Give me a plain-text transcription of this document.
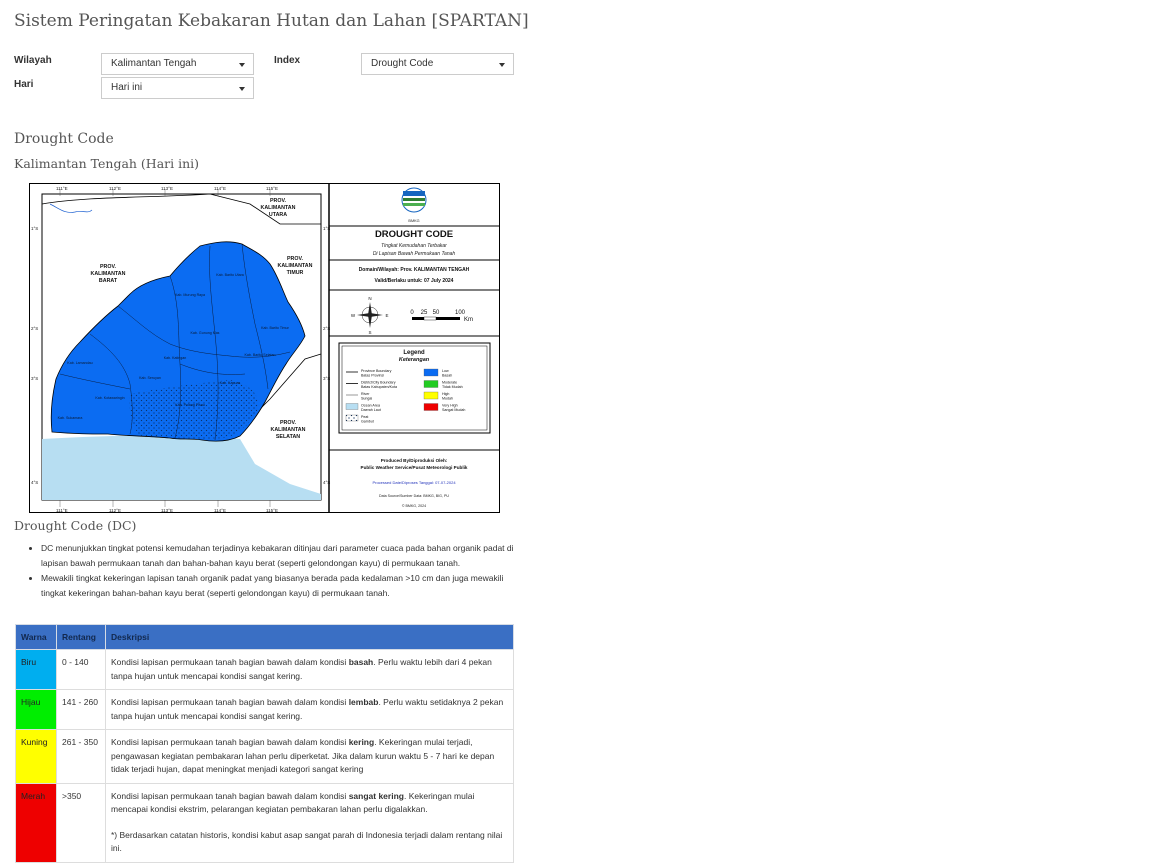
Sistem Peringatan Kebakaran Hutan dan Lahan [SPARTAN]
Wilayah	Kalimantan Tengah
Hari	Hari ini
Index	Drought Code
Drought Code
Kalimantan Tengah (Hari ini)
111°E	112°E	113°E	114°E	115°E
111°E	112°E	113°E	114°E	115°E
1°S
2°S
3°S
4°S
1°S
2°S
3°S
4°S
PROV.
KALIMANTAN
UTARA
PROV.
KALIMANTAN
BARAT
PROV.
KALIMANTAN
TIMUR
PROV.
KALIMANTAN
SELATAN
Kab. Barito Utara
Kab. Murung Raya
Kab. Gunung Mas
Kab. Katingan
Kab. Lamandau
Kab. Seruyan
Kab. Kotawaringin
Kab. Pulang Pisau
Kab. Kapuas
Kab. Barito Selatan
Kab. Barito Timur
Kab. Sukamara
BMKG
DROUGHT CODE
Tingkat Kemudahan Terbakar
Di Lapisan Bawah Permukaan Tanah
Domain/Wilayah: Prov. KALIMANTAN TENGAH
Valid/Berlaku untuk: 07 July 2024
N
S
E
W	0 25 50	100
Km
Legend
Keterangan
Province Boundary
Batas Provinsi
District/City Boundary
Batas Kabupaten/Kota
River
Sungai
Ocean Area
Daerah Laut
Peat
Gambut
Low
Basah
Moderate
Tidak Mudah
High
Mudah
Very High
Sangat Mudah
Produced By/Diproduksi Oleh:
Public Weather Service/Pusat Meteorologi Publik
Processed Date/Diproses Tanggal: 07-07-2024
Data Source/Sumber Data: BMKG, BIG, PU
© BMKG, 2024
Drought Code (DC)
• DC menunjukkan tingkat potensi kemudahan terjadinya kebakaran ditinjau dari parameter cuaca pada bahan organik padat di lapisan bawah permukaan tanah dan bahan-bahan kayu berat (seperti gelondongan kayu) di permukaan tanah.
• Mewakili tingkat kekeringan lapisan tanah organik padat yang biasanya berada pada kedalaman >10 cm dan juga mewakili tingkat kekeringan bahan-bahan kayu berat (seperti gelondongan kayu) di permukaan tanah.
Warna	Rentang	Deskripsi
Biru	0 - 140	Kondisi lapisan permukaan tanah bagian bawah dalam kondisi basah. Perlu waktu lebih dari 4 pekan tanpa hujan untuk mencapai kondisi sangat kering.
Hijau	141 - 260	Kondisi lapisan permukaan tanah bagian bawah dalam kondisi lembab. Perlu waktu setidaknya 2 pekan tanpa hujan untuk mencapai kondisi sangat kering.
Kuning	261 - 350	Kondisi lapisan permukaan tanah bagian bawah dalam kondisi kering. Kekeringan mulai terjadi, pengawasan kegiatan pembakaran lahan perlu diperketat. Jika dalam kurun waktu 5 - 7 hari ke depan tidak terjadi hujan, dapat meningkat menjadi kategori sangat kering
Merah	>350	Kondisi lapisan permukaan tanah bagian bawah dalam kondisi sangat kering. Kekeringan mulai mencapai kondisi ekstrim, pelarangan kegiatan pembakaran lahan perlu digalakkan.
*) Berdasarkan catatan historis, kondisi kabut asap sangat parah di Indonesia terjadi dalam rentang nilai ini.
